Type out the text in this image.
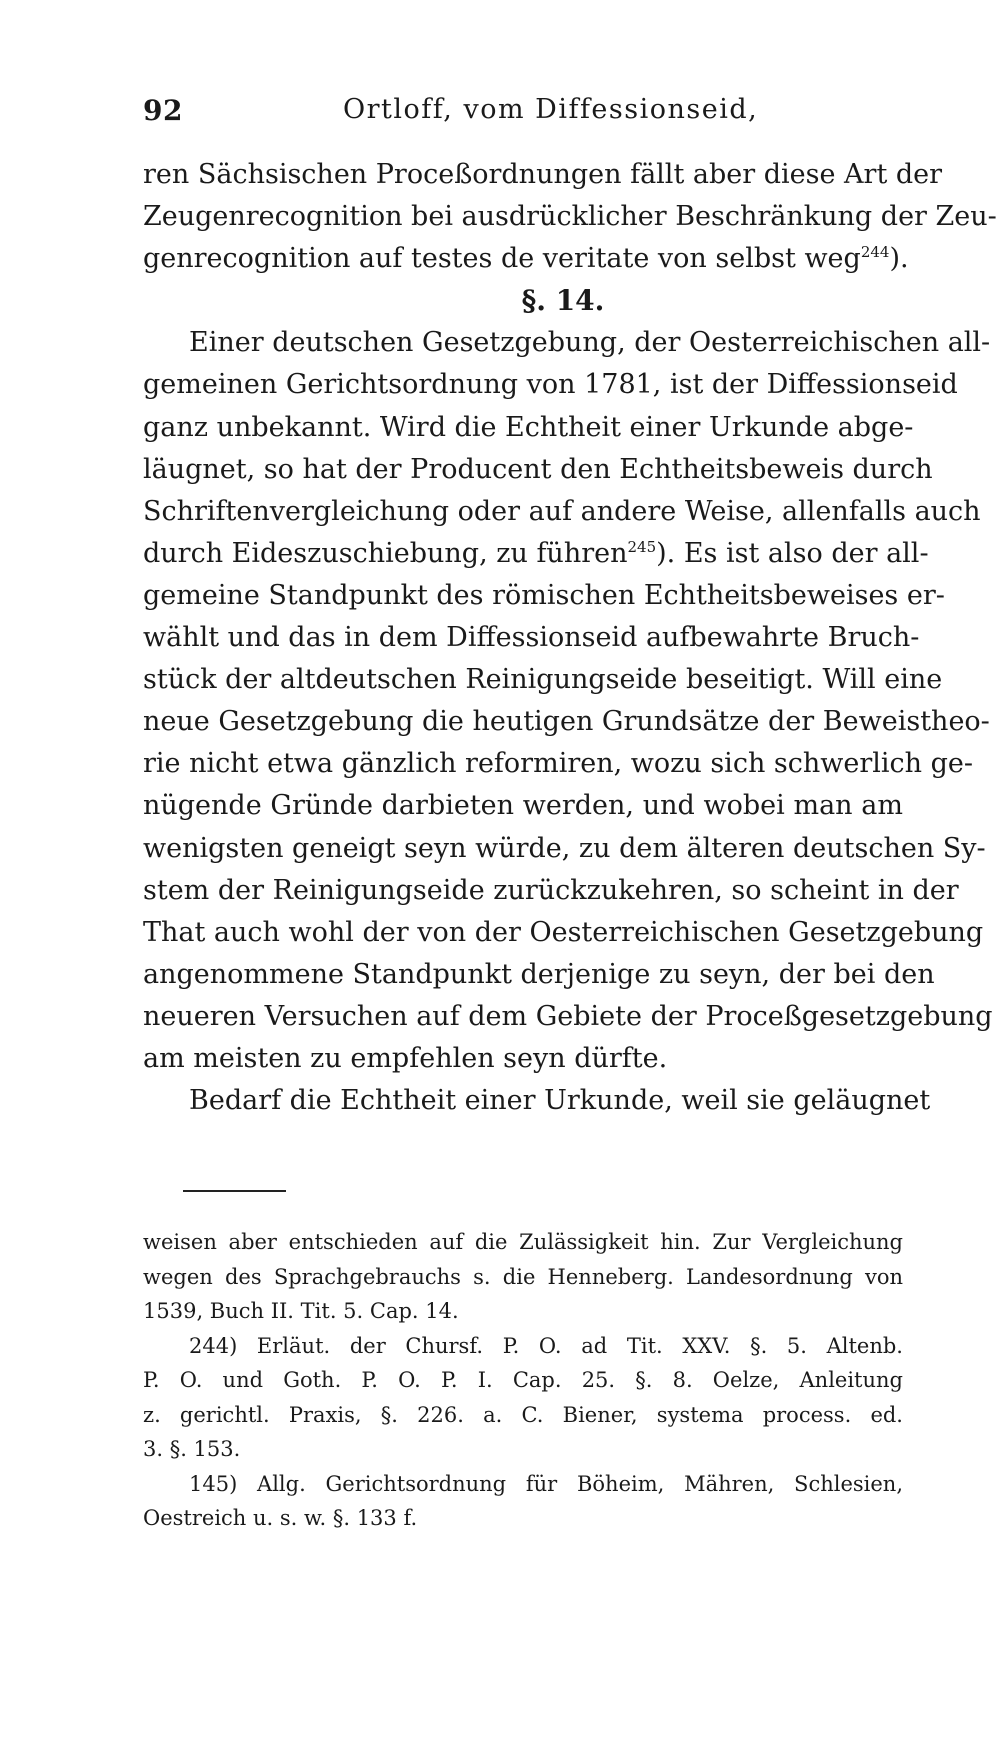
92	Ortloff, vom Diffessionseid,
ren Sächsischen Proceßordnungen fällt aber diese Art der
Zeugenrecognition bei ausdrücklicher Beschränkung der Zeu-
genrecognition auf testes de veritate von selbst weg$^{244}$).
§. 14.
Einer deutschen Gesetzgebung, der Oesterreichischen all-
gemeinen Gerichtsordnung von 1781, ist der Diffessionseid
ganz unbekannt. Wird die Echtheit einer Urkunde abge-
läugnet, so hat der Producent den Echtheitsbeweis durch
Schriftenvergleichung oder auf andere Weise, allenfalls auch
durch Eideszuschiebung, zu führen$^{245}$). Es ist also der all-
gemeine Standpunkt des römischen Echtheitsbeweises er-
wählt und das in dem Diffessionseid aufbewahrte Bruch-
stück der altdeutschen Reinigungseide beseitigt. Will eine
neue Gesetzgebung die heutigen Grundsätze der Beweistheo-
rie nicht etwa gänzlich reformiren, wozu sich schwerlich ge-
nügende Gründe darbieten werden, und wobei man am
wenigsten geneigt seyn würde, zu dem älteren deutschen Sy-
stem der Reinigungseide zurückzukehren, so scheint in der
That auch wohl der von der Oesterreichischen Gesetzgebung
angenommene Standpunkt derjenige zu seyn, der bei den
neueren Versuchen auf dem Gebiete der Proceßgesetzgebung
am meisten zu empfehlen seyn dürfte.
Bedarf die Echtheit einer Urkunde, weil sie geläugnet
weisen aber entschieden auf die Zulässigkeit hin. Zur Vergleichung
wegen des Sprachgebrauchs s. die Henneberg. Landesordnung von
1539, Buch II. Tit. 5. Cap. 14.
244) Erläut. der Chursf. P. O. ad Tit. XXV. §. 5. Altenb.
P. O. und Goth. P. O. P. I. Cap. 25. §. 8. Oelze, Anleitung
z. gerichtl. Praxis, §. 226. a. C. Biener, systema process. ed.
3. §. 153.
145) Allg. Gerichtsordnung für Böheim, Mähren, Schlesien,
Oestreich u. s. w. §. 133 f.
